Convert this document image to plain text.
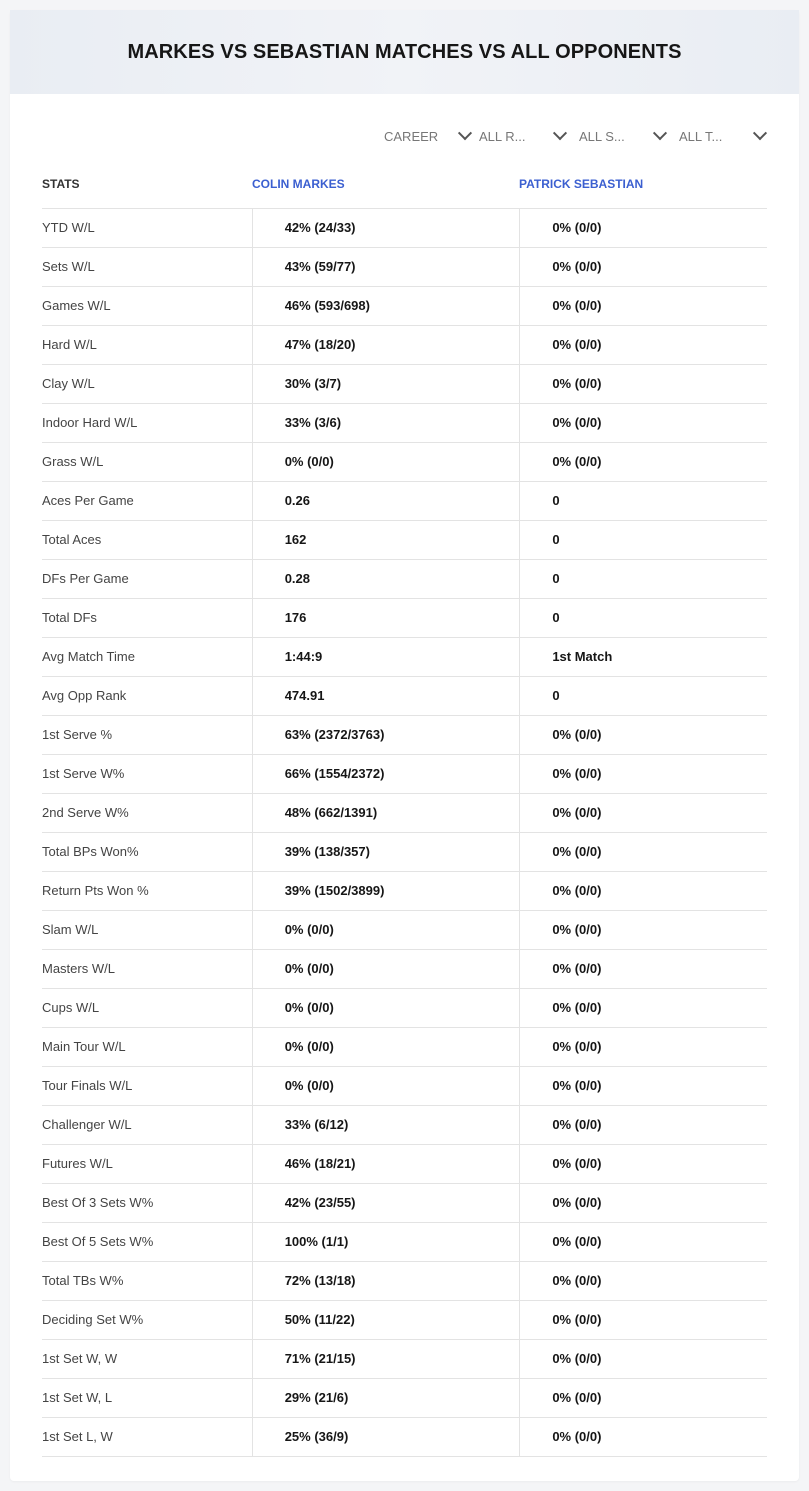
MARKES VS SEBASTIAN MATCHES VS ALL OPPONENTS
CAREER	ALL R...	ALL S...	ALL T...
STATS	COLIN MARKES	PATRICK SEBASTIAN
YTD W/L	42% (24/33)	0% (0/0)
Sets W/L	43% (59/77)	0% (0/0)
Games W/L	46% (593/698)	0% (0/0)
Hard W/L	47% (18/20)	0% (0/0)
Clay W/L	30% (3/7)	0% (0/0)
Indoor Hard W/L	33% (3/6)	0% (0/0)
Grass W/L	0% (0/0)	0% (0/0)
Aces Per Game	0.26	0
Total Aces	162	0
DFs Per Game	0.28	0
Total DFs	176	0
Avg Match Time	1:44:9	1st Match
Avg Opp Rank	474.91	0
1st Serve %	63% (2372/3763)	0% (0/0)
1st Serve W%	66% (1554/2372)	0% (0/0)
2nd Serve W%	48% (662/1391)	0% (0/0)
Total BPs Won%	39% (138/357)	0% (0/0)
Return Pts Won %	39% (1502/3899)	0% (0/0)
Slam W/L	0% (0/0)	0% (0/0)
Masters W/L	0% (0/0)	0% (0/0)
Cups W/L	0% (0/0)	0% (0/0)
Main Tour W/L	0% (0/0)	0% (0/0)
Tour Finals W/L	0% (0/0)	0% (0/0)
Challenger W/L	33% (6/12)	0% (0/0)
Futures W/L	46% (18/21)	0% (0/0)
Best Of 3 Sets W%	42% (23/55)	0% (0/0)
Best Of 5 Sets W%	100% (1/1)	0% (0/0)
Total TBs W%	72% (13/18)	0% (0/0)
Deciding Set W%	50% (11/22)	0% (0/0)
1st Set W, W	71% (21/15)	0% (0/0)
1st Set W, L	29% (21/6)	0% (0/0)
1st Set L, W	25% (36/9)	0% (0/0)
